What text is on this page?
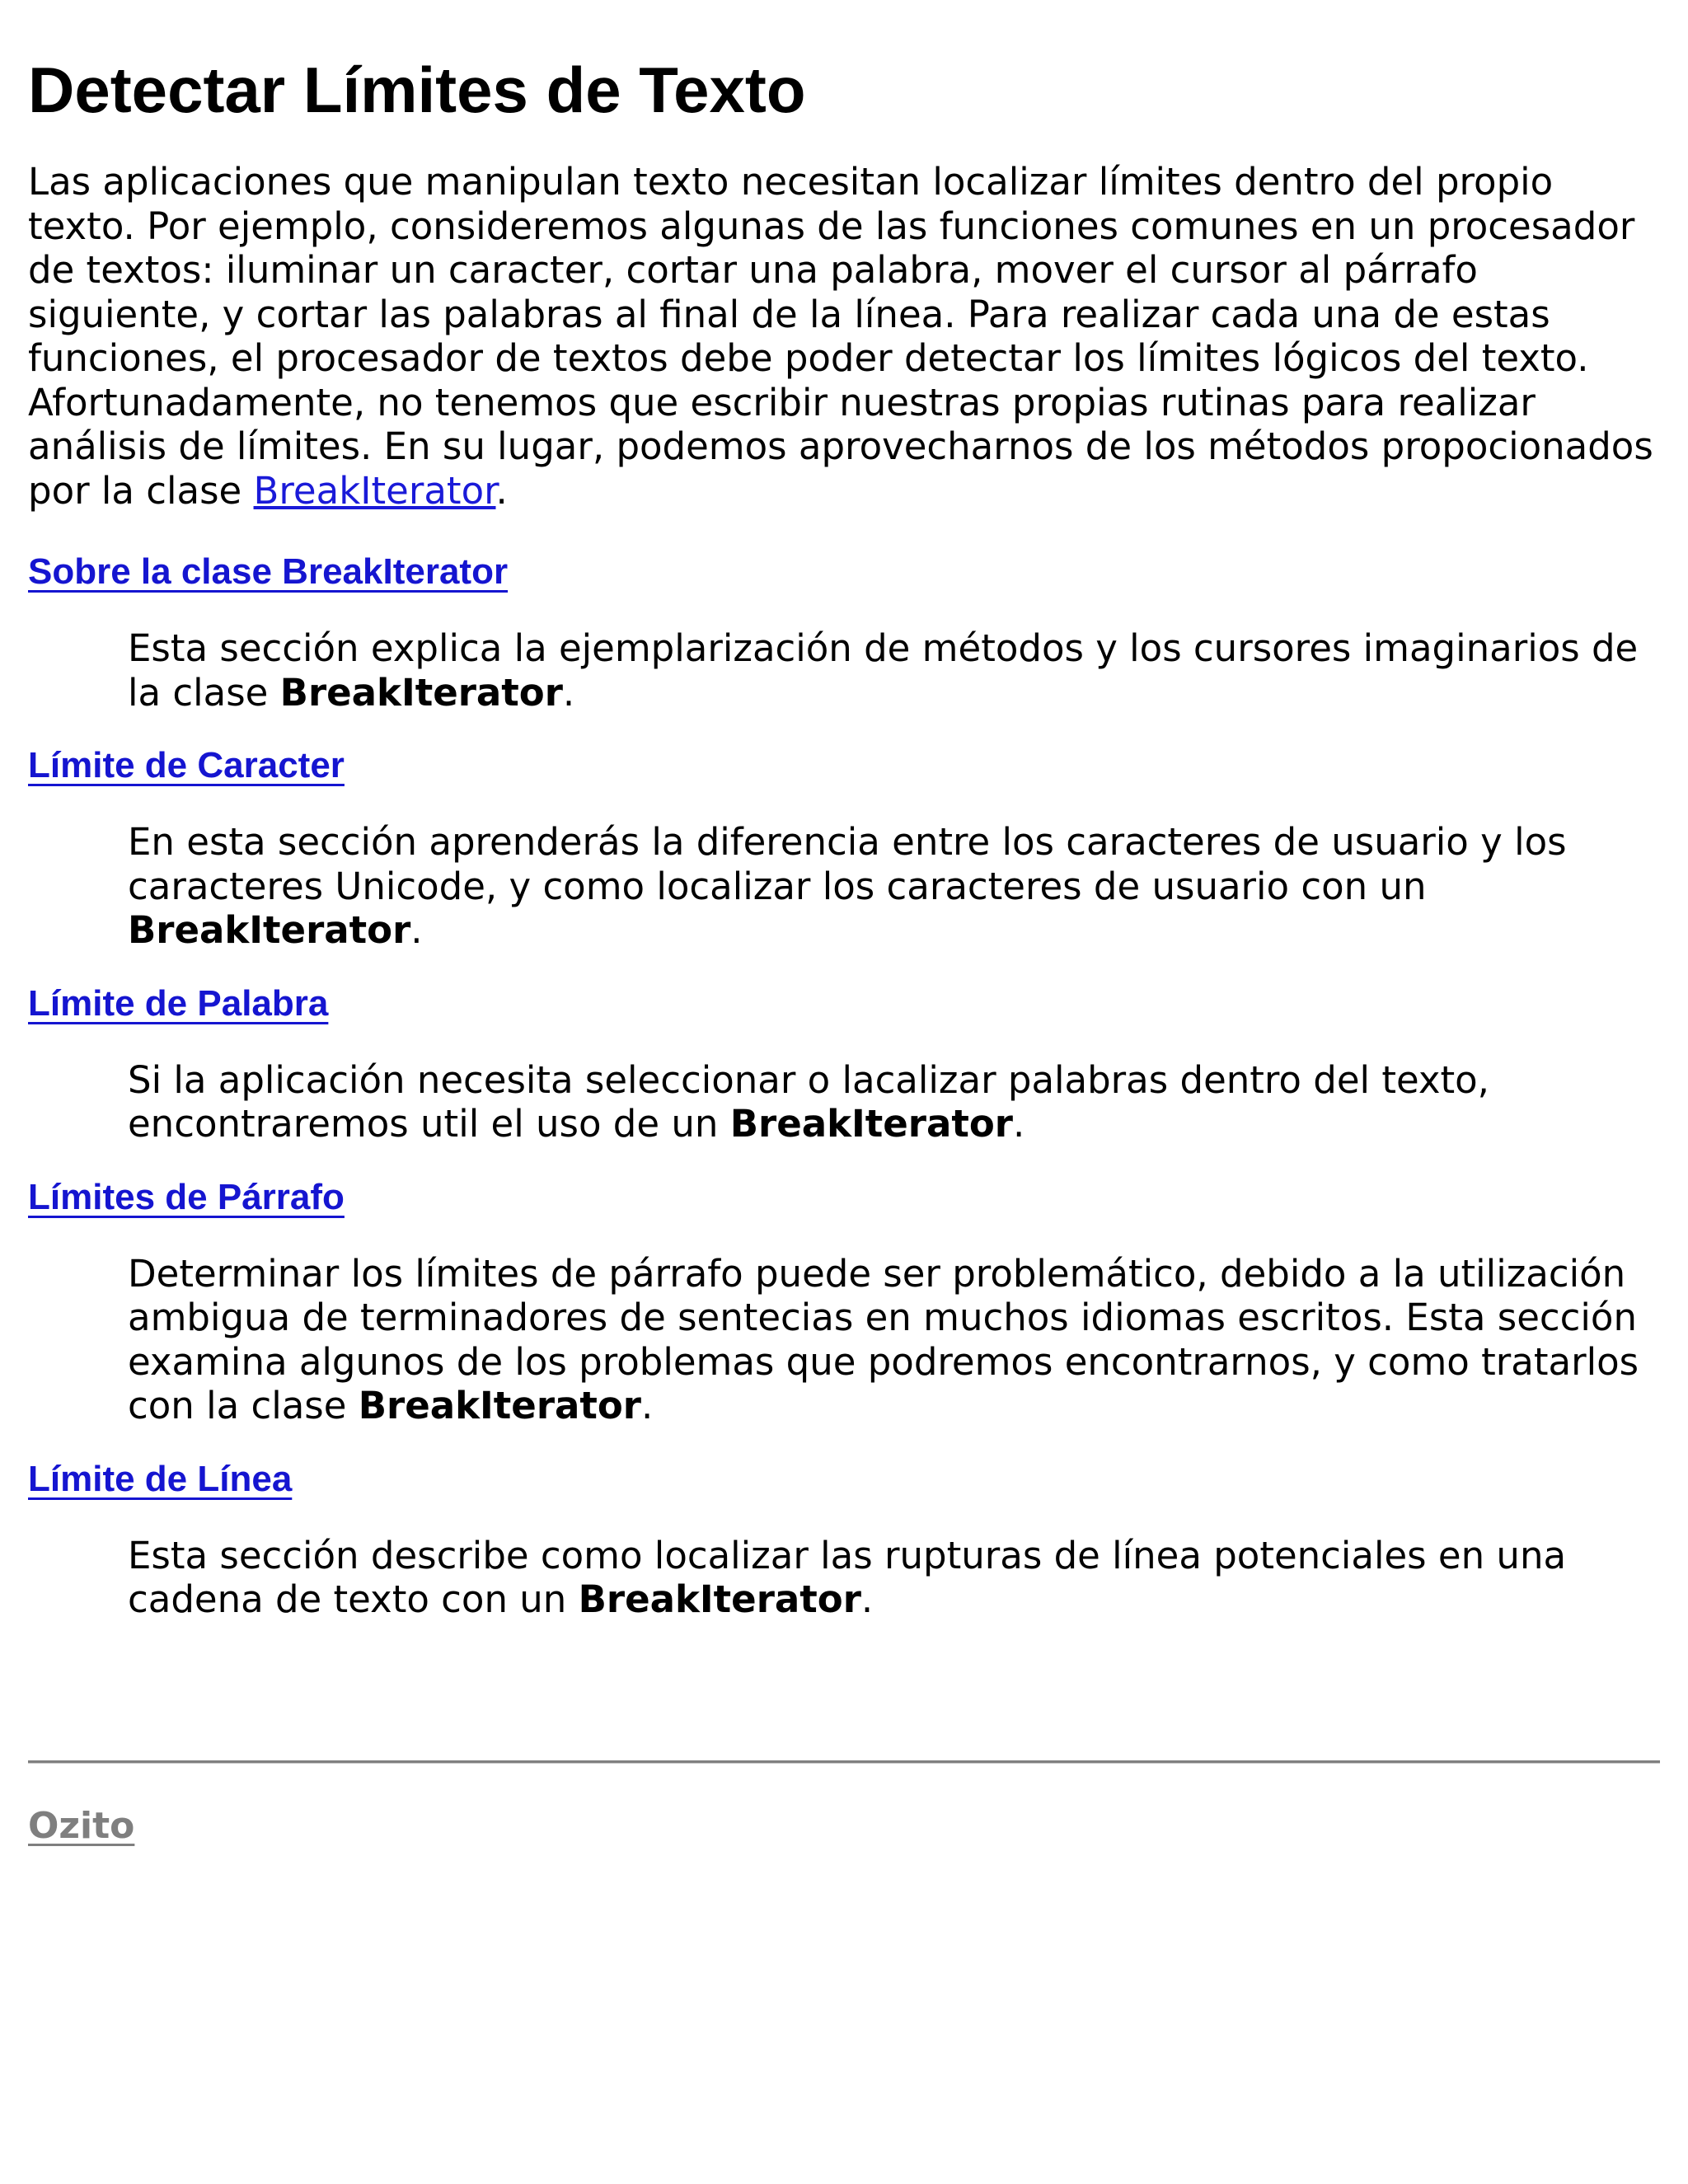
Detectar Límites de Texto

Las aplicaciones que manipulan texto necesitan localizar límites dentro del propio texto. Por ejemplo, consideremos algunas de las funciones comunes en un procesador de textos: iluminar un caracter, cortar una palabra, mover el cursor al párrafo siguiente, y cortar las palabras al final de la línea. Para realizar cada una de estas funciones, el procesador de textos debe poder detectar los límites lógicos del texto. Afortunadamente, no tenemos que escribir nuestras propias rutinas para realizar análisis de límites. En su lugar, podemos aprovecharnos de los métodos propocionados por la clase BreakIterator.

Sobre la clase BreakIterator
Esta sección explica la ejemplarización de métodos y los cursores imaginarios de la clase BreakIterator.
Límite de Caracter
En esta sección aprenderás la diferencia entre los caracteres de usuario y los caracteres Unicode, y como localizar los caracteres de usuario con un BreakIterator.
Límite de Palabra
Si la aplicación necesita seleccionar o lacalizar palabras dentro del texto, encontraremos util el uso de un BreakIterator.
Límites de Párrafo
Determinar los límites de párrafo puede ser problemático, debido a la utilización ambigua de terminadores de sentecias en muchos idiomas escritos. Esta sección examina algunos de los problemas que podremos encontrarnos, y como tratarlos con la clase BreakIterator.
Límite de Línea
Esta sección describe como localizar las rupturas de línea potenciales en una cadena de texto con un BreakIterator.
Ozito
